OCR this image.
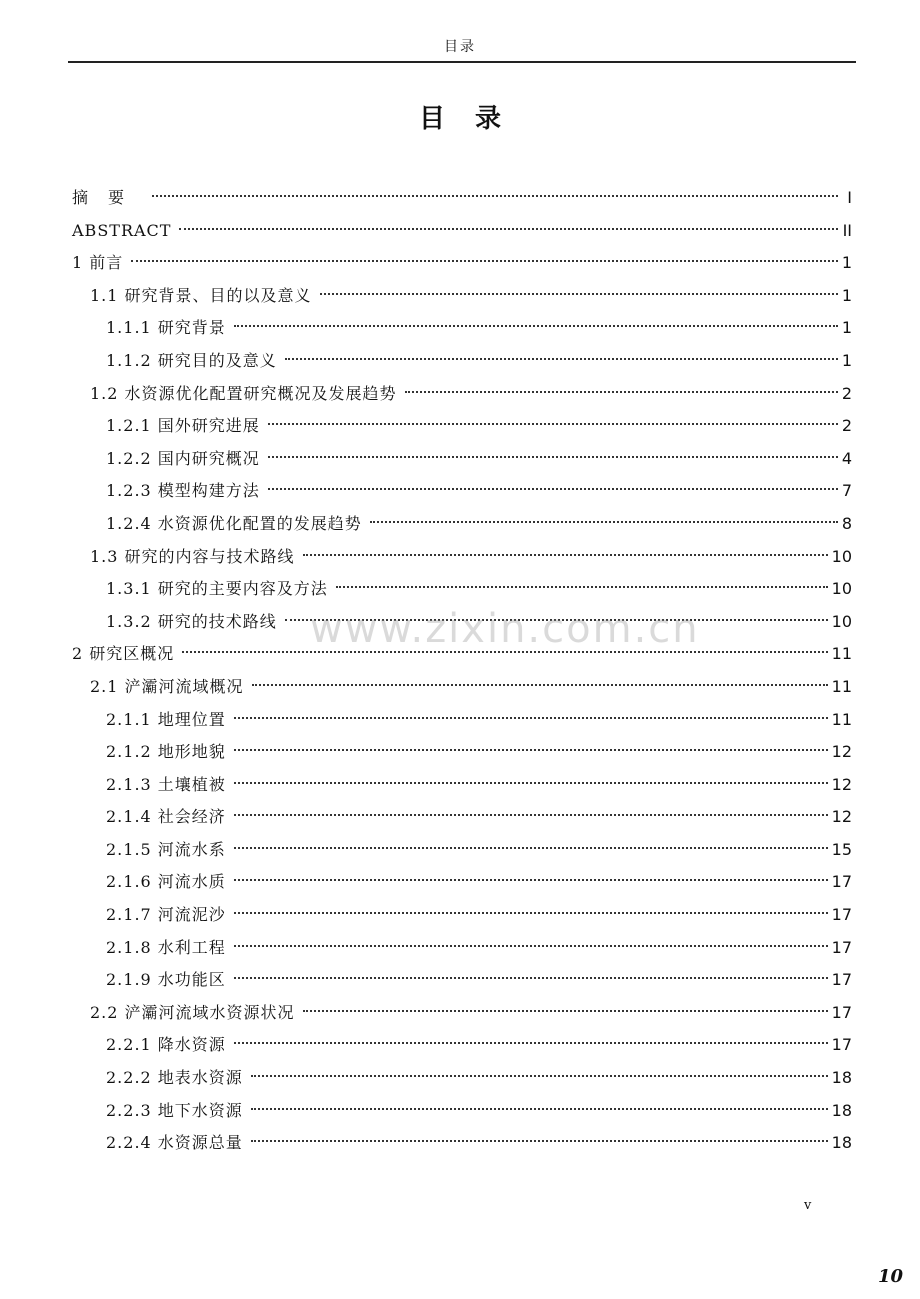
目录
目录
摘要	I
ABSTRACT	II
1 前言	1
1.1 研究背景、目的以及意义	1
1.1.1 研究背景	1
1.1.2 研究目的及意义	1
1.2 水资源优化配置研究概况及发展趋势	2
1.2.1 国外研究进展	2
1.2.2 国内研究概况	4
1.2.3 模型构建方法	7
1.2.4 水资源优化配置的发展趋势	8
1.3 研究的内容与技术路线	10
1.3.1 研究的主要内容及方法	10
1.3.2 研究的技术路线	10
2 研究区概况	11
2.1 浐灞河流域概况	11
2.1.1 地理位置	11
2.1.2 地形地貌	12
2.1.3 土壤植被	12
2.1.4 社会经济	12
2.1.5 河流水系	15
2.1.6 河流水质	17
2.1.7 河流泥沙	17
2.1.8 水利工程	17
2.1.9 水功能区	17
2.2 浐灞河流域水资源状况	17
2.2.1 降水资源	17
2.2.2 地表水资源	18
2.2.3 地下水资源	18
2.2.4 水资源总量	18
www.zixin.com.cn
v
10
